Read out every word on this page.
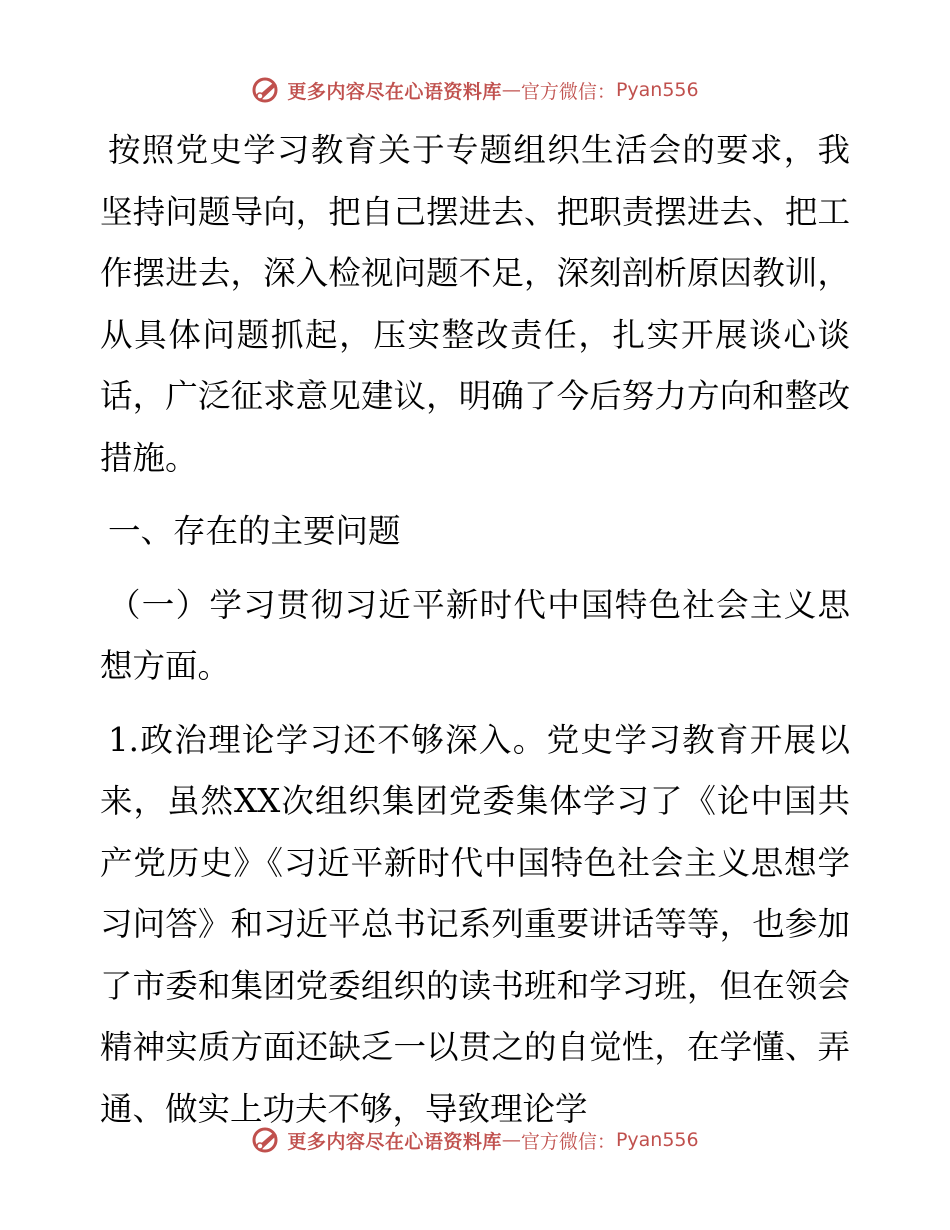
更多内容尽在心语资料库 — 官方微信： Pyan556

按照党史学习教育关于专题组织生活会的要求，我坚持问题导向，把自己摆进去、把职责摆进去、把工作摆进去，深入检视问题不足，深刻剖析原因教训，从具体问题抓起，压实整改责任，扎实开展谈心谈话，广泛征求意见建议，明确了今后努力方向和整改措施。

一、存在的主要问题

（一）学习贯彻习近平新时代中国特色社会主义思想方面。

1.政治理论学习还不够深入。党史学习教育开展以来，虽然XX次组织集团党委集体学习了《论中国共产党历史》《习近平新时代中国特色社会主义思想学习问答》和习近平总书记系列重要讲话等等，也参加了市委和集团党委组织的读书班和学习班，但在领会精神实质方面还缺乏一以贯之的自觉性，在学懂、弄通、做实上功夫不够，导致理论学

更多内容尽在心语资料库 — 官方微信： Pyan556
